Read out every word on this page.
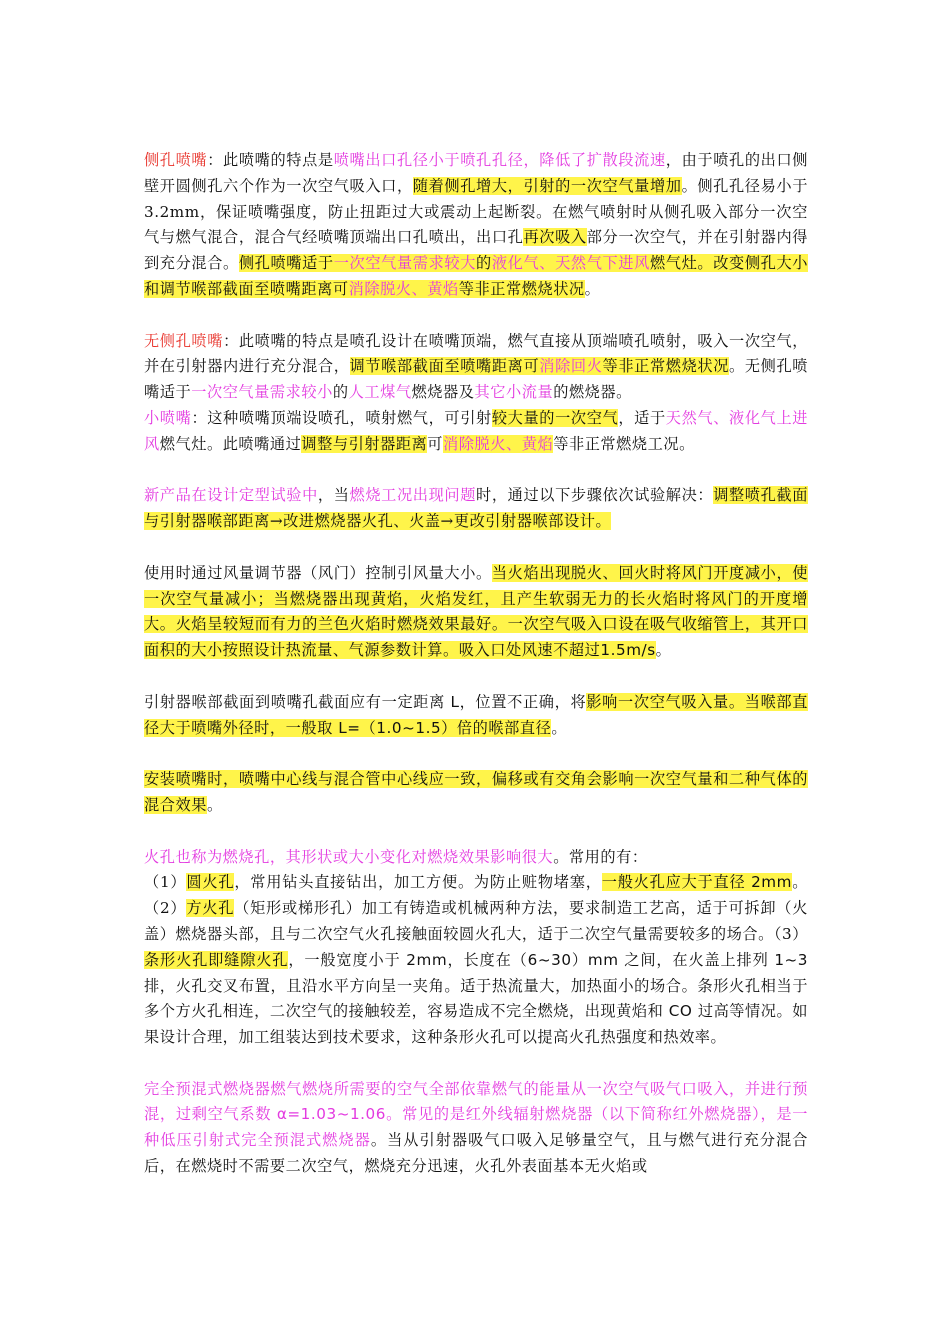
侧孔喷嘴：此喷嘴的特点是喷嘴出口孔径小于喷孔孔径，降低了扩散段流速，由于喷孔的出口侧壁开圆侧孔六个作为一次空气吸入口，随着侧孔增大，引射的一次空气量增加。侧孔孔径易小于 3.2mm，保证喷嘴强度，防止扭距过大或震动上起断裂。在燃气喷射时从侧孔吸入部分一次空气与燃气混合，混合气经喷嘴顶端出口孔喷出，出口孔再次吸入部分一次空气，并在引射器内得到充分混合。侧孔喷嘴适于一次空气量需求较大的液化气、天然气下进风燃气灶。改变侧孔大小和调节喉部截面至喷嘴距离可消除脱火、黄焰等非正常燃烧状况。

无侧孔喷嘴：此喷嘴的特点是喷孔设计在喷嘴顶端，燃气直接从顶端喷孔喷射，吸入一次空气，并在引射器内进行充分混合，调节喉部截面至喷嘴距离可消除回火等非正常燃烧状况。无侧孔喷嘴适于一次空气量需求较小的人工煤气燃烧器及其它小流量的燃烧器。

小喷嘴：这种喷嘴顶端设喷孔，喷射燃气，可引射较大量的一次空气，适于天然气、液化气上进风燃气灶。此喷嘴通过调整与引射器距离可消除脱火、黄焰等非正常燃烧工况。

新产品在设计定型试验中，当燃烧工况出现问题时，通过以下步骤依次试验解决：调整喷孔截面与引射器喉部距离→改进燃烧器火孔、火盖→更改引射器喉部设计。

使用时通过风量调节器（风门）控制引风量大小。当火焰出现脱火、回火时将风门开度减小，使一次空气量减小；当燃烧器出现黄焰，火焰发红，且产生软弱无力的长火焰时将风门的开度增大。火焰呈较短而有力的兰色火焰时燃烧效果最好。一次空气吸入口设在吸气收缩管上，其开口面积的大小按照设计热流量、气源参数计算。吸入口处风速不超过1.5m/s。

引射器喉部截面到喷嘴孔截面应有一定距离 L，位置不正确，将影响一次空气吸入量。当喉部直径大于喷嘴外径时，一般取 L=（1.0~1.5）倍的喉部直径。

安装喷嘴时，喷嘴中心线与混合管中心线应一致，偏移或有交角会影响一次空气量和二种气体的混合效果。

火孔也称为燃烧孔，其形状或大小变化对燃烧效果影响很大。常用的有：

（1）圆火孔，常用钻头直接钻出，加工方便。为防止赃物堵塞，一般火孔应大于直径 2mm。（2）方火孔（矩形或梯形孔）加工有铸造或机械两种方法，要求制造工艺高，适于可拆卸（火盖）燃烧器头部，且与二次空气火孔接触面较圆火孔大，适于二次空气量需要较多的场合。（3）条形火孔即缝隙火孔，一般宽度小于 2mm，长度在（6~30）mm 之间，在火盖上排列 1~3 排，火孔交叉布置，且沿水平方向呈一夹角。适于热流量大，加热面小的场合。条形火孔相当于多个方火孔相连，二次空气的接触较差，容易造成不完全燃烧，出现黄焰和 CO 过高等情况。如果设计合理，加工组装达到技术要求，这种条形火孔可以提高火孔热强度和热效率。

完全预混式燃烧器燃气燃烧所需要的空气全部依靠燃气的能量从一次空气吸气口吸入，并进行预混，过剩空气系数 α=1.03~1.06。常见的是红外线辐射燃烧器（以下简称红外燃烧器），是一种低压引射式完全预混式燃烧器。当从引射器吸气口吸入足够量空气，且与燃气进行充分混合后，在燃烧时不需要二次空气，燃烧充分迅速，火孔外表面基本无火焰或
